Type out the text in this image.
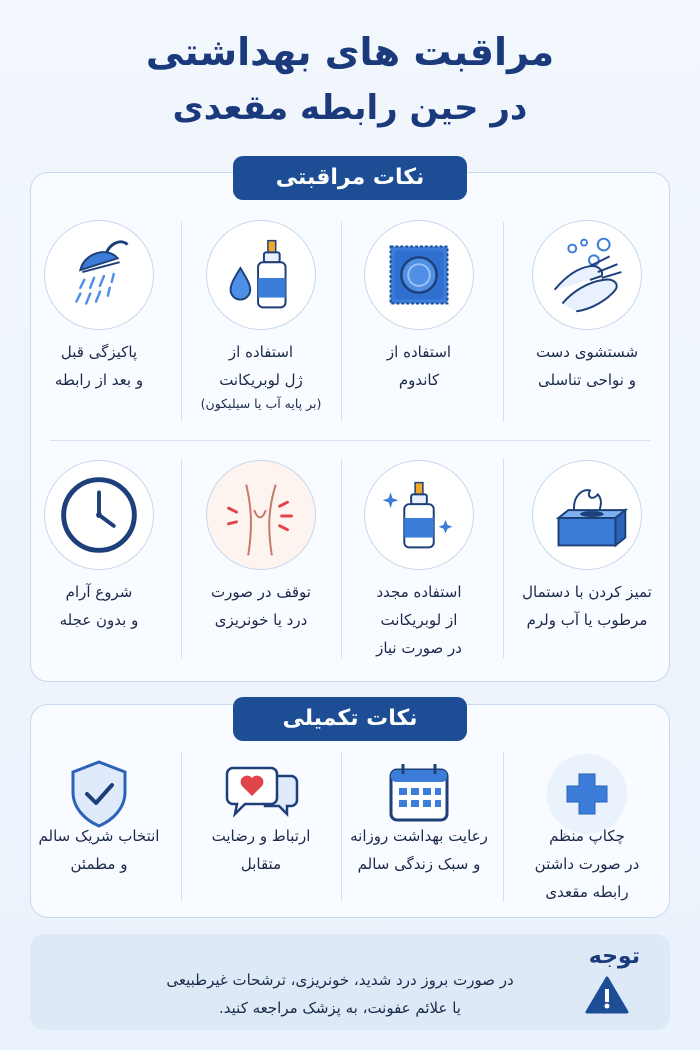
مراقبت های بهداشتی
در حین رابطه مقعدی
نکات مراقبتی
شستشوی دست
و نواحی تناسلی
استفاده از
کاندوم
استفاده از
ژل لوبریکانت
(بر پایه آب یا سیلیکون)
پاکیزگی قبل
و بعد از رابطه
تمیز کردن با دستمال
مرطوب یا آب ولرم
استفاده مجدد
از لوبریکانت
در صورت نیاز
توقف در صورت
درد یا خونریزی
شروع آرام
و بدون عجله
نکات تکمیلی
چکاپ منظم
در صورت داشتن
رابطه مقعدی
رعایت بهداشت روزانه
و سبک زندگی سالم
ارتباط و رضایت
متقابل
انتخاب شریک سالم
و مطمئن
توجه
در صورت بروز درد شدید، خونریزی، ترشحات غیرطبیعی
یا علائم عفونت، به پزشک مراجعه کنید.
